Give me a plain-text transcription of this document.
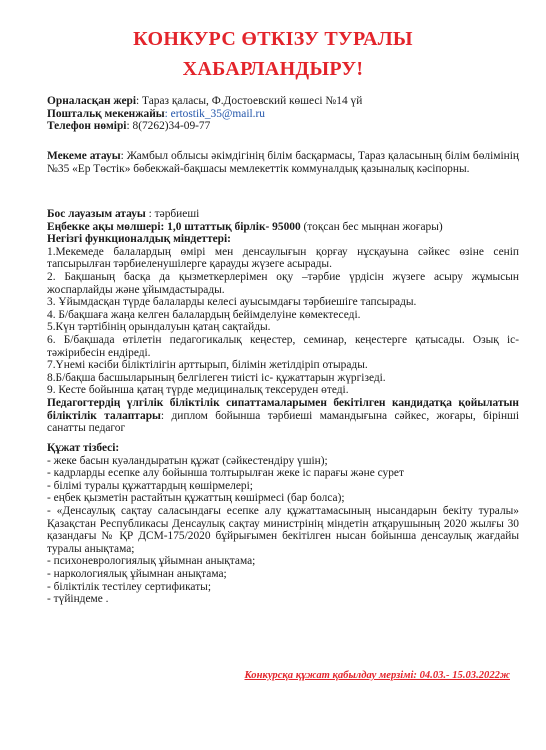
КОНКУРС ӨТКІЗУ ТУРАЛЫ
ХАБАРЛАНДЫРУ!
Орналасқан жері: Тараз қаласы, Ф.Достоевский көшесі №14 үй
Поштальқ мекенжайы: ertostik_35@mail.ru
Телефон нөмірі: 8(7262)34-09-77
Мекеме атауы: Жамбыл облысы әкімдігінің білім басқармасы, Тараз қаласының білім бөлімінің №35 «Ер Төстік» бөбекжай-бақшасы мемлекеттік коммуналдық қазыналық кәсіпорны.
Бос лауазым атауы : тәрбиеші
Еңбекке ақы мөлшері: 1,0 штаттық бірлік- 95000 (тоқсан бес мыңнан жоғары)
Негізгі функционалдық міндеттері:
1.Мекемеде балалардың өмірі мен денсаулығын қорғау нұсқауына сәйкес өзіне сеніп тапсырылған тәрбиеленушілерге қарауды жүзеге асырады.
2. Бақшаның басқа да қызметкерлерімен оқу –тәрбие үрдісін жүзеге асыру жұмысын жоспарлайды және ұйымдастырады.
3. Ұйымдасқан түрде балаларды келесі ауысымдағы тәрбиешіге тапсырады.
4. Б/бақшаға жаңа келген балалардың бейімделуіне көмектеседі.
5.Күн тәртібінің орындалуын қатаң сақтайды.
6. Б/бақшада өтілетін педагогикалық кеңестер, семинар, кеңестерге қатысады. Озық іс-тәжірибесін ендіреді.
7.Үнемі кәсіби біліктілігін арттырып, білімін жетілдіріп отырады.
8.Б/бақша басшыларының белгілеген тиісті іс- құжаттарын жүргізеді.
9. Кесте бойынша қатаң түрде медициналық тексеруден өтеді.
Педагогтердің үлгілік біліктілік сипаттамаларымен бекітілген кандидатқа қойылатын біліктілік талаптары: диплом бойынша тәрбиеші мамандығына сәйкес, жоғары, бірінші санатты педагог
Құжат тізбесі:
- жеке басын куәландыратын құжат (сәйкестендіру үшін);
- кадрларды есепке алу бойынша толтырылған жеке іс парағы және сурет
- білімі туралы құжаттардың көшірмелері;
- еңбек қызметін растайтын құжаттың көшірмесі (бар болса);
- «Денсаулық сақтау саласындағы есепке алу құжаттамасының нысандарын бекіту туралы» Қазақстан Республикасы Денсаулық сақтау министрінің міндетін атқарушының 2020 жылғы 30 қазандағы № ҚР ДСМ-175/2020 бұйрығымен бекітілген нысан бойынша денсаулық жағдайы туралы анықтама;
- психоневрологиялық ұйымнан анықтама;
- наркологиялық ұйымнан анықтама;
- біліктілік тестілеу сертификаты;
- түйіндеме .
Конкурсқа құжат қабылдау мерзімі: 04.03.- 15.03.2022ж
